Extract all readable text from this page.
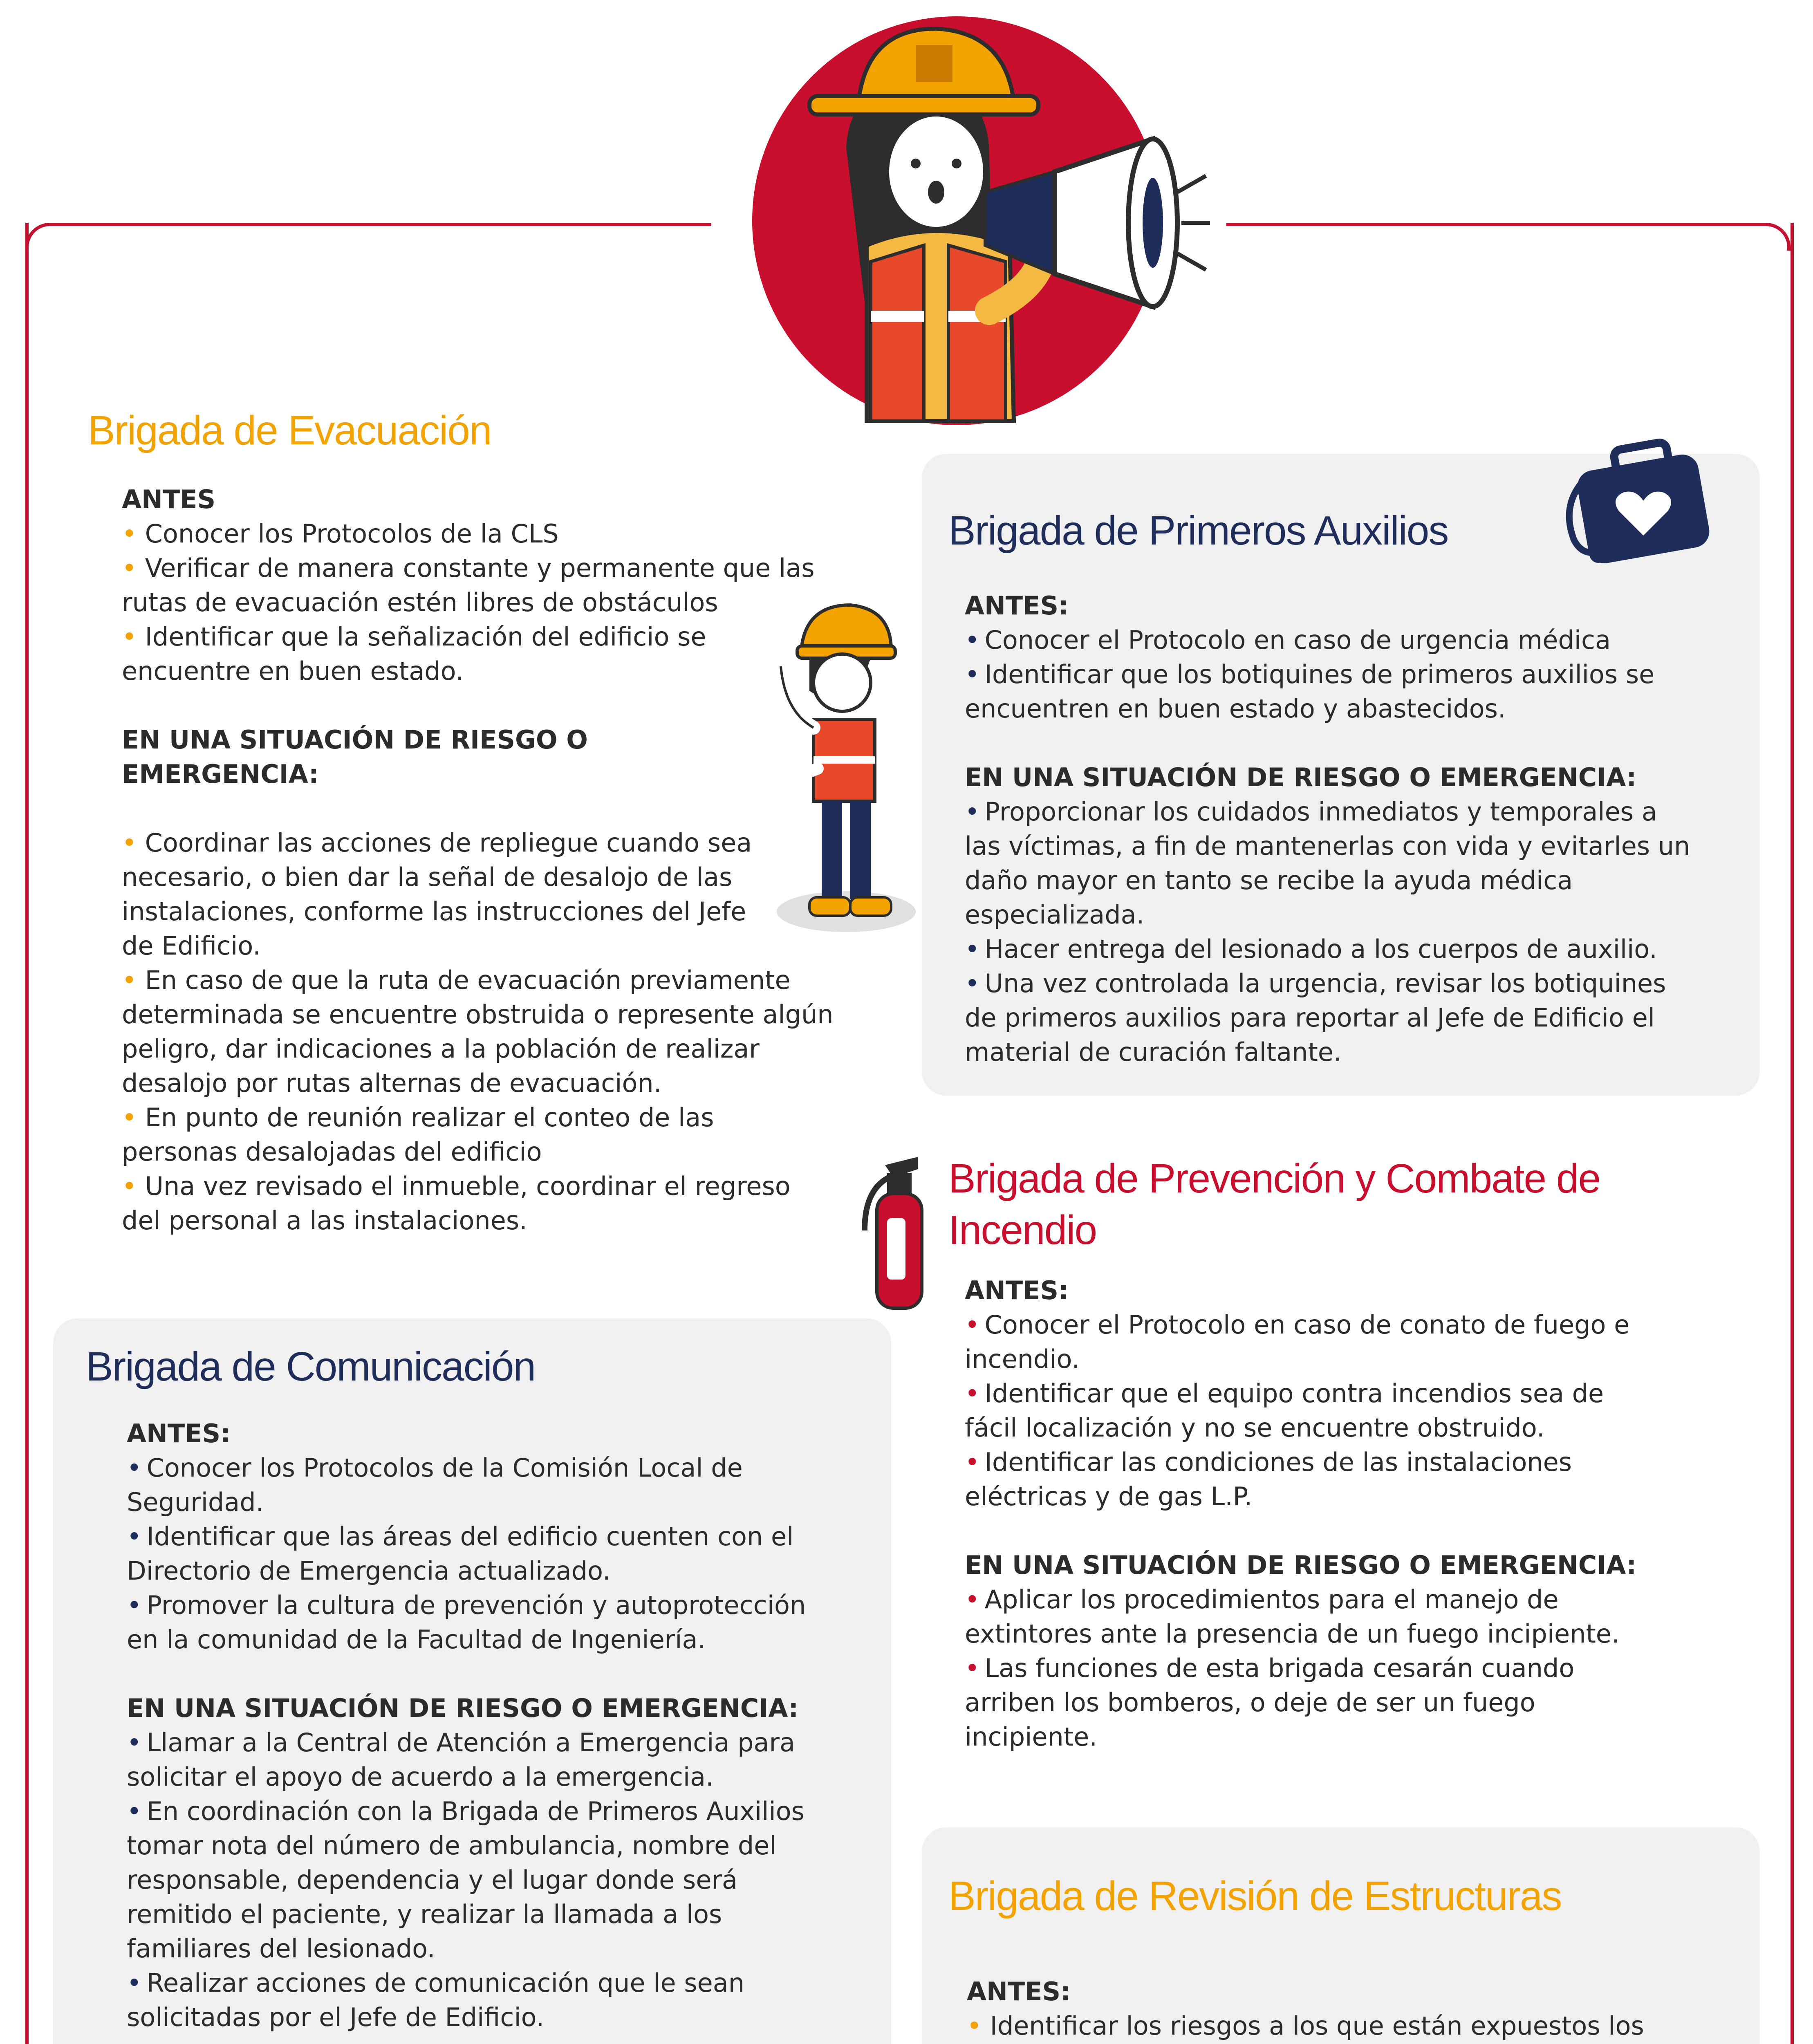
Brigada de Evacuación
ANTES
• Conocer los Protocolos de la CLS
• Verificar de manera constante y permanente que las rutas de evacuación estén libres de obstáculos
• Identificar que la señalización del edificio se encuentre en buen estado.
EN UNA SITUACIÓN DE RIESGO O EMERGENCIA:
• Coordinar las acciones de repliegue cuando sea necesario, o bien dar la señal de desalojo de las instalaciones, conforme las instrucciones del Jefe de Edificio.
• En caso de que la ruta de evacuación previamente determinada se encuentre obstruida o represente algún peligro, dar indicaciones a la población de realizar desalojo por rutas alternas de evacuación.
• En punto de reunión realizar el conteo de las personas desalojadas del edificio
• Una vez revisado el inmueble, coordinar el regreso del personal a las instalaciones.
Brigada de Primeros Auxilios
ANTES:
• Conocer el Protocolo en caso de urgencia médica
• Identificar que los botiquines de primeros auxilios se encuentren en buen estado y abastecidos.
EN UNA SITUACIÓN DE RIESGO O EMERGENCIA:
• Proporcionar los cuidados inmediatos y temporales a las víctimas, a fin de mantenerlas con vida y evitarles un daño mayor en tanto se recibe la ayuda médica especializada.
• Hacer entrega del lesionado a los cuerpos de auxilio.
• Una vez controlada la urgencia, revisar los botiquines de primeros auxilios para reportar al Jefe de Edificio el material de curación faltante.
Brigada de Prevención y Combate de Incendio
ANTES:
• Conocer el Protocolo en caso de conato de fuego e incendio.
• Identificar que el equipo contra incendios sea de fácil localización y no se encuentre obstruido.
• Identificar las condiciones de las instalaciones eléctricas y de gas L.P.
EN UNA SITUACIÓN DE RIESGO O EMERGENCIA:
• Aplicar los procedimientos para el manejo de extintores ante la presencia de un fuego incipiente.
• Las funciones de esta brigada cesarán cuando arriben los bomberos, o deje de ser un fuego incipiente.
Brigada de Comunicación
ANTES:
• Conocer los Protocolos de la Comisión Local de Seguridad.
• Identificar que las áreas del edificio cuenten con el Directorio de Emergencia actualizado.
• Promover la cultura de prevención y autoprotección en la comunidad de la Facultad de Ingeniería.
EN UNA SITUACIÓN DE RIESGO O EMERGENCIA:
• Llamar a la Central de Atención a Emergencia para solicitar el apoyo de acuerdo a la emergencia.
• En coordinación con la Brigada de Primeros Auxilios tomar nota del número de ambulancia, nombre del responsable, dependencia y el lugar donde será remitido el paciente, y realizar la llamada a los familiares del lesionado.
• Realizar acciones de comunicación que le sean solicitadas por el Jefe de Edificio.
Brigada de Revisión de Estructuras
ANTES:
• Identificar los riesgos a los que están expuestos los
